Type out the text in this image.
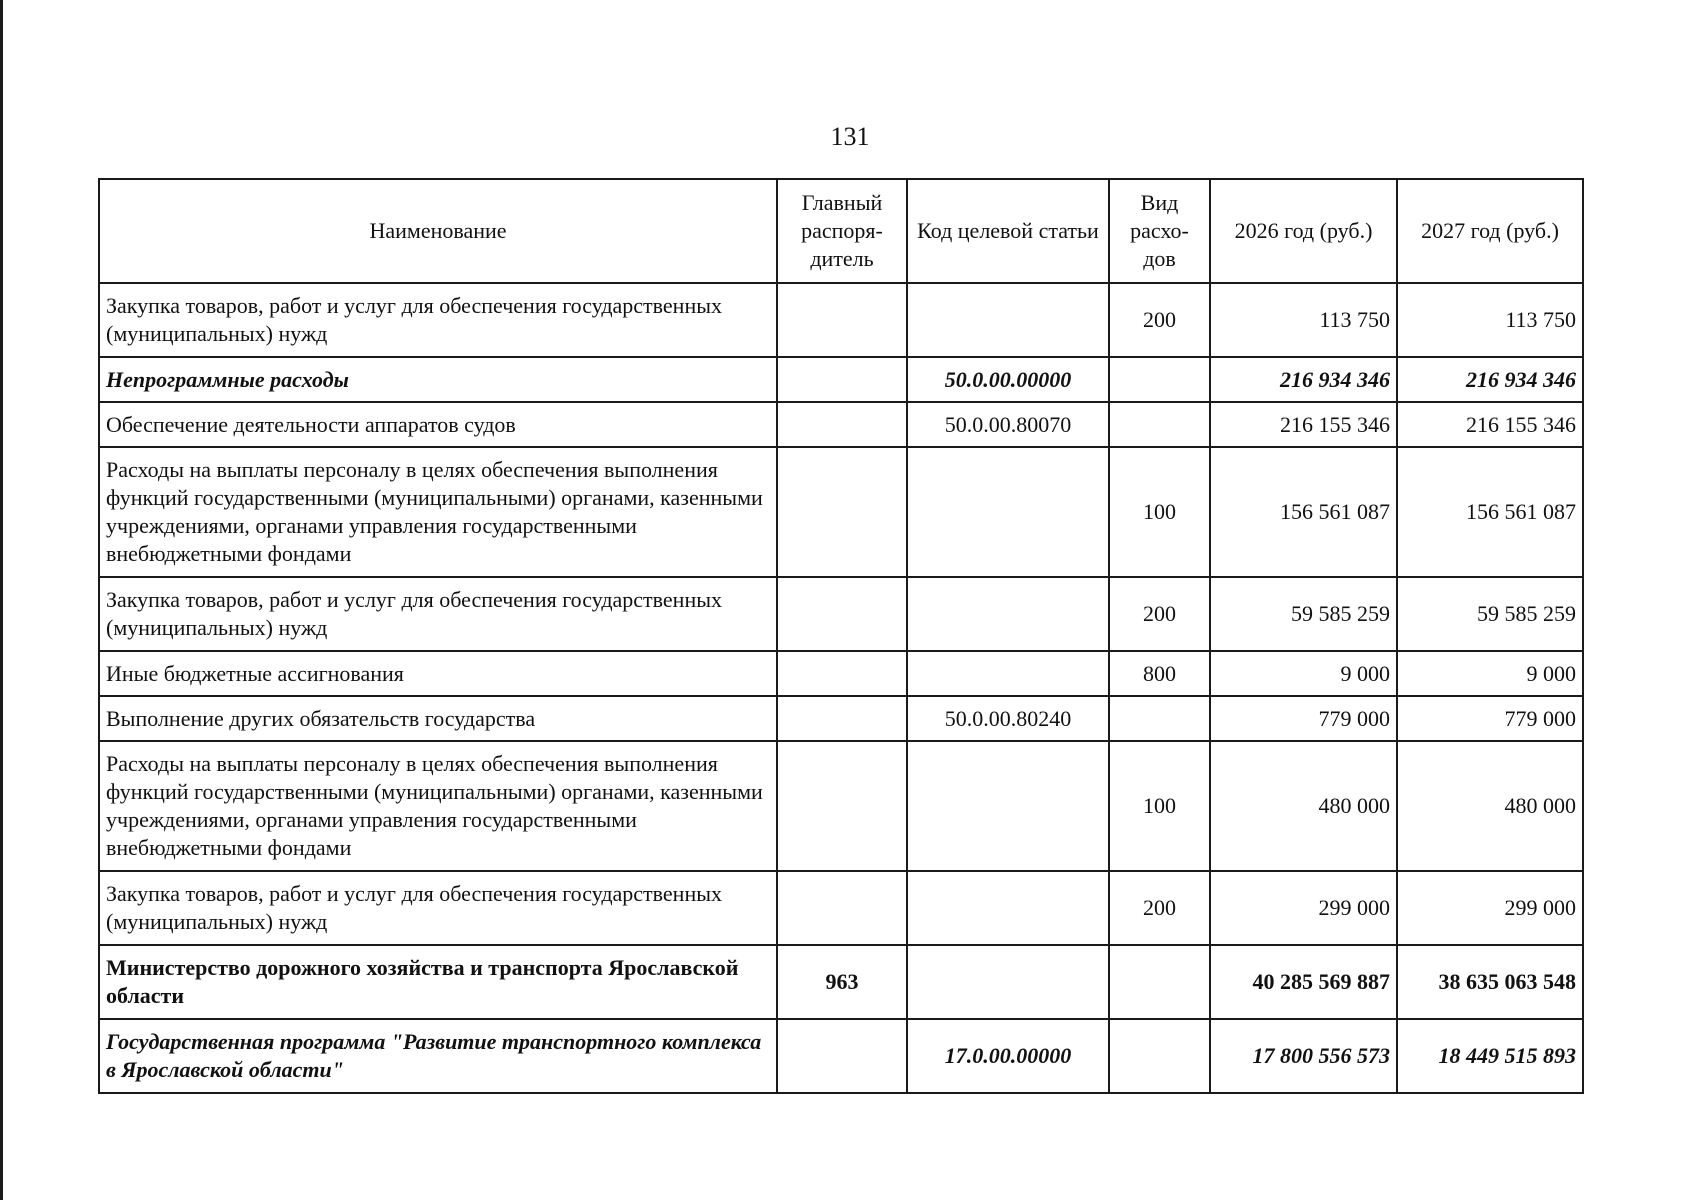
131
Наименование	Главный распоря-дитель	Код целевой статьи	Вид расхо-дов	2026 год (руб.)	2027 год (руб.)
Закупка товаров, работ и услуг для обеспечения государственных (муниципальных) нужд			200	113 750	113 750
Непрограммные расходы		50.0.00.00000		216 934 346	216 934 346
Обеспечение деятельности аппаратов судов		50.0.00.80070		216 155 346	216 155 346
Расходы на выплаты персоналу в целях обеспечения выполнения функций государственными (муниципальными) органами, казенными учреждениями, органами управления государственными внебюджетными фондами			100	156 561 087	156 561 087
Закупка товаров, работ и услуг для обеспечения государственных (муниципальных) нужд			200	59 585 259	59 585 259
Иные бюджетные ассигнования			800	9 000	9 000
Выполнение других обязательств государства		50.0.00.80240		779 000	779 000
Расходы на выплаты персоналу в целях обеспечения выполнения функций государственными (муниципальными) органами, казенными учреждениями, органами управления государственными внебюджетными фондами			100	480 000	480 000
Закупка товаров, работ и услуг для обеспечения государственных (муниципальных) нужд			200	299 000	299 000
Министерство дорожного хозяйства и транспорта Ярославской области	963			40 285 569 887	38 635 063 548
Государственная программа "Развитие транспортного комплекса в Ярославской области"		17.0.00.00000		17 800 556 573	18 449 515 893
